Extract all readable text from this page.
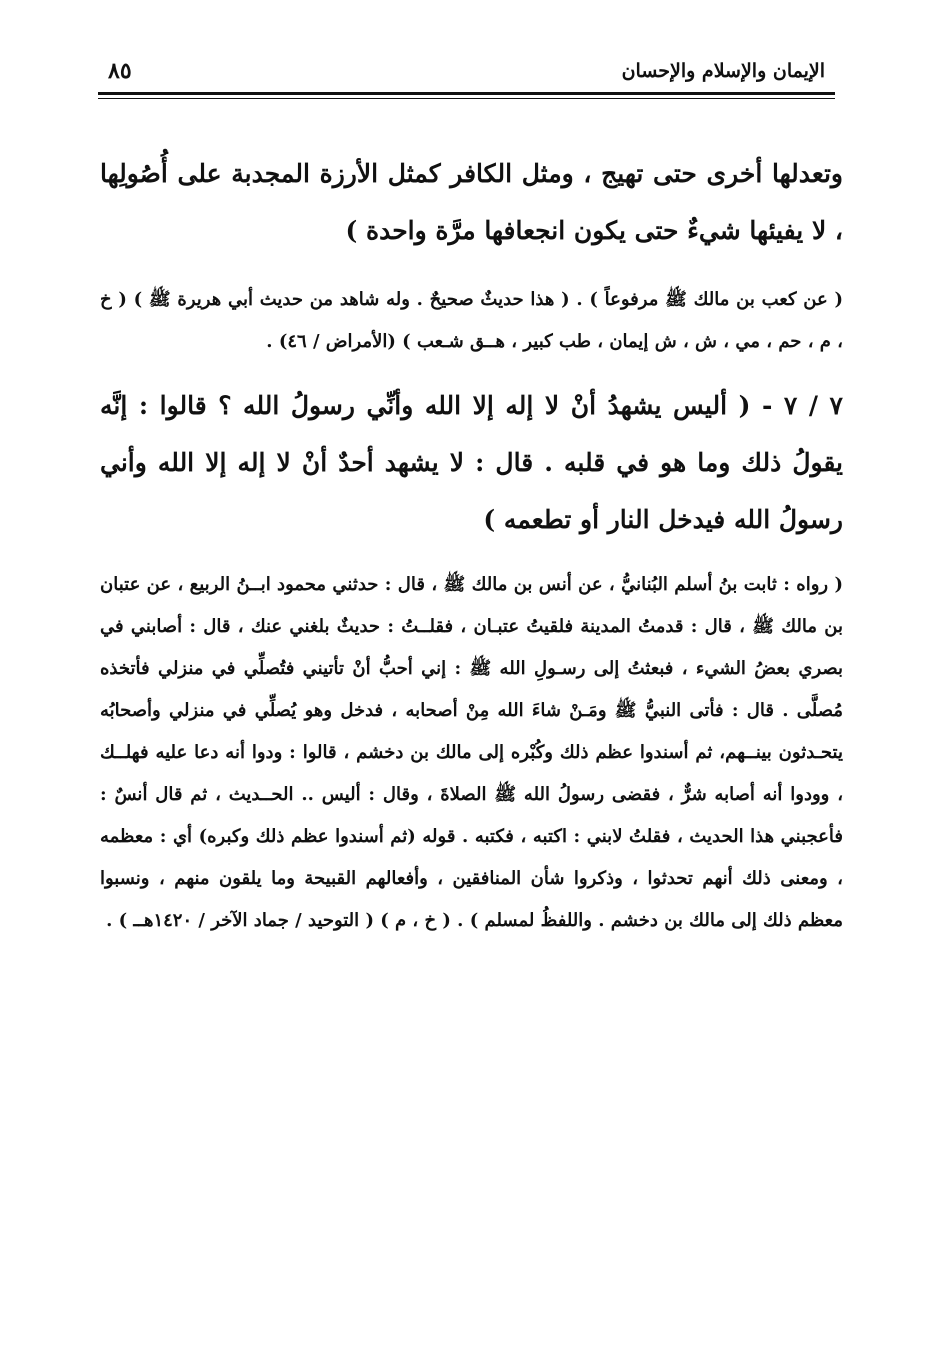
الإيمان والإسلام والإحسان
٨٥

وتعدلها أخرى حتى تهيج ، ومثل الكافر كمثل الأرزة المجدبة على أُصُولِها ، لا يفيئها شيءٌ حتى يكون انجعافها مرَّة واحدة )

( عن كعب بن مالك ﷺ مرفوعاً ) . ( هذا حديثٌ صحيحٌ . وله شاهد من حديث أبي هريرة ﷺ ) ( خ ، م ، حم ، مي ، ش ، ش إيمان ، طب كبير ، هــق شـعب ) (الأمراض / ٤٦) .

٧ / ٧ - ( أليس يشهدُ أنْ لا إله إلا الله وأنِّي رسولُ الله ؟ قالوا : إنَّه يقولُ ذلك وما هو في قلبه . قال : لا يشهد أحدٌ أنْ لا إله إلا الله وأني رسولُ الله فيدخل النار أو تطعمه )

( رواه : ثابت بنُ أسلم البُنانيُّ ، عن أنس بن مالك ﷺ ، قال : حدثني محمود ابــنُ الربيع ، عن عتبان بن مالك ﷺ ، قال : قدمتُ المدينة فلقيتُ عتبـان ، فقلــتُ : حديثٌ بلغني عنك ، قال : أصابني في بصري بعضُ الشيء ، فبعثتُ إلى رسـولِ الله ﷺ : إني أحبُّ أنْ تأتيني فتُصلِّي في منزلي فأتخذه مُصلَّى . قال : فأتى النبيُّ ﷺ ومَـنْ شاءَ الله مِنْ أصحابه ، فدخل وهو يُصلِّي في منزلي وأصحابُه يتحـدثون بينــهم، ثم أسندوا عظم ذلك وكُبْره إلى مالك بن دخشم ، قالوا : ودوا أنه دعا عليه فهلــك ، وودوا أنه أصابه شرٌّ ، فقضى رسولُ الله ﷺ الصلاةَ ، وقال : أليس .. الحــديث ، ثم قال أنسٌ : فأعجبني هذا الحديث ، فقلتُ لابني : اكتبه ، فكتبه . قوله (ثم أسندوا عظم ذلك وكبره) أي : معظمه ، ومعنى ذلك أنهم تحدثوا ، وذكروا شأن المنافقين ، وأفعالهم القبيحة وما يلقون منهم ، ونسبوا معظم ذلك إلى مالك بن دخشم . واللفظُ لمسلم ) . ( خ ، م ) ( التوحيد / جماد الآخر / ١٤٢٠هــ ) .
